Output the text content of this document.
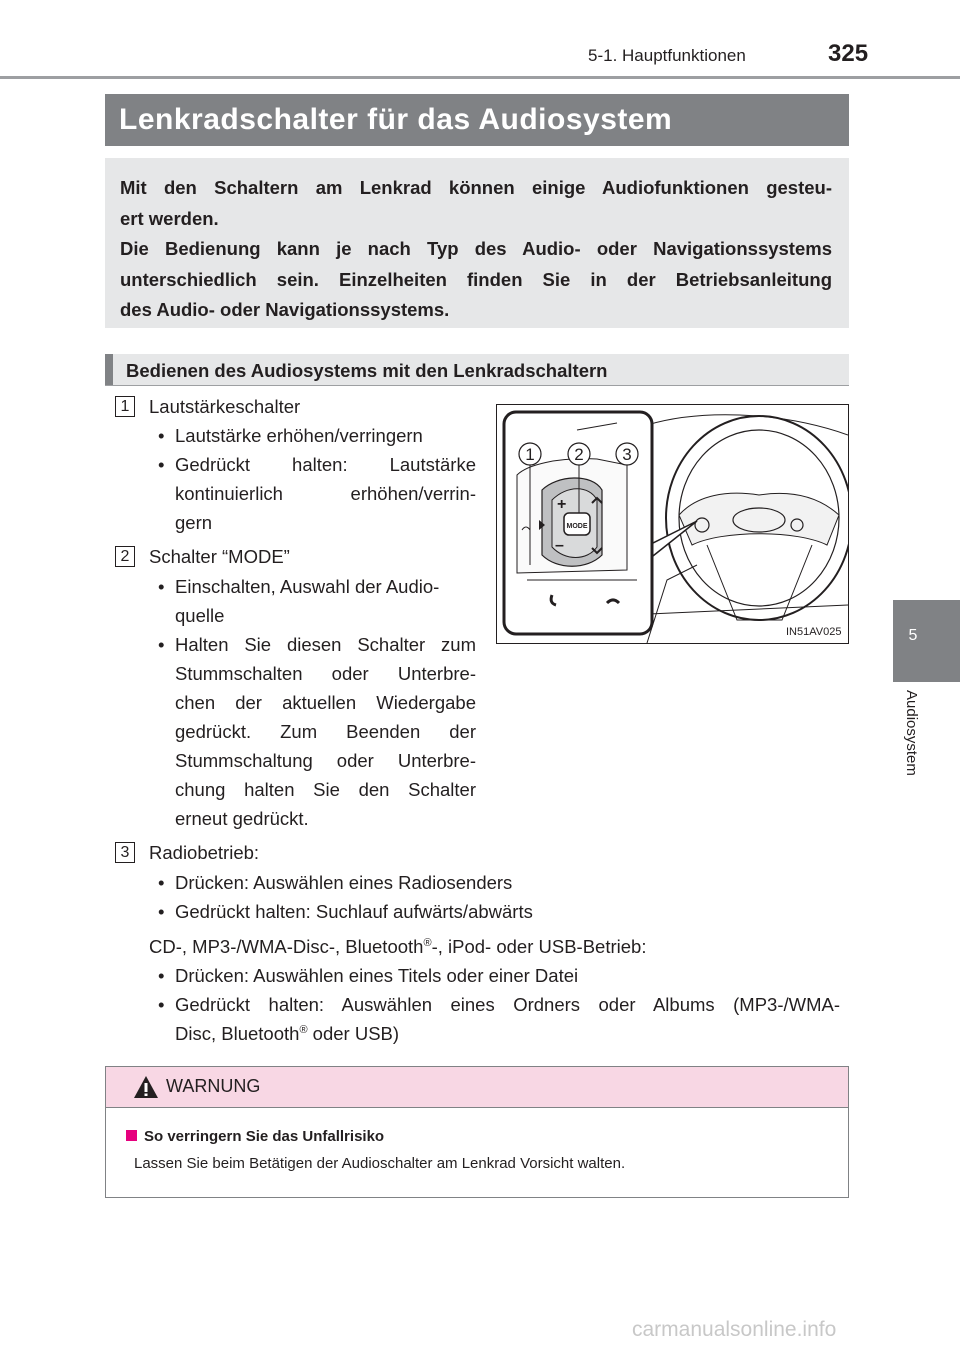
5-1. Hauptfunktionen	325
5
Audiosystem
Lenkradschalter für das Audiosystem

Mit den Schaltern am Lenkrad können einige Audiofunktionen gesteu-

ert werden.

Die Bedienung kann je nach Typ des Audio- oder Navigationssystems

unterschiedlich sein. Einzelheiten finden Sie in der Betriebsanleitung

des Audio- oder Navigationssystems.

Bedienen des Audiosystems mit den Lenkradschaltern
1 Lautstärkeschalter
• Lautstärke erhöhen/verringern
• Gedrückt halten: Lautstärke
kontinuierlich erhöhen/verrin-
gern
2 Schalter “MODE”
• Einschalten, Auswahl der Audio-
quelle
• Halten Sie diesen Schalter zum
Stummschalten oder Unterbre-
chen der aktuellen Wiedergabe
gedrückt. Zum Beenden der
Stummschaltung oder Unterbre-
chung halten Sie den Schalter
erneut gedrückt.
3 Radiobetrieb:
• Drücken: Auswählen eines Radiosenders
• Gedrückt halten: Suchlauf aufwärts/abwärts
CD-, MP3-/WMA-Disc-, Bluetooth®-, iPod- oder USB-Betrieb:
• Drücken: Auswählen eines Titels oder einer Datei
• Gedrückt halten: Auswählen eines Ordners oder Albums (MP3-/WMA-
Disc, Bluetooth® oder USB)
MODE
+
–
1 2 3
IN51AV025
WARNUNG
So verringern Sie das Unfallrisiko
Lassen Sie beim Betätigen der Audioschalter am Lenkrad Vorsicht walten.
carmanualsonline.info
